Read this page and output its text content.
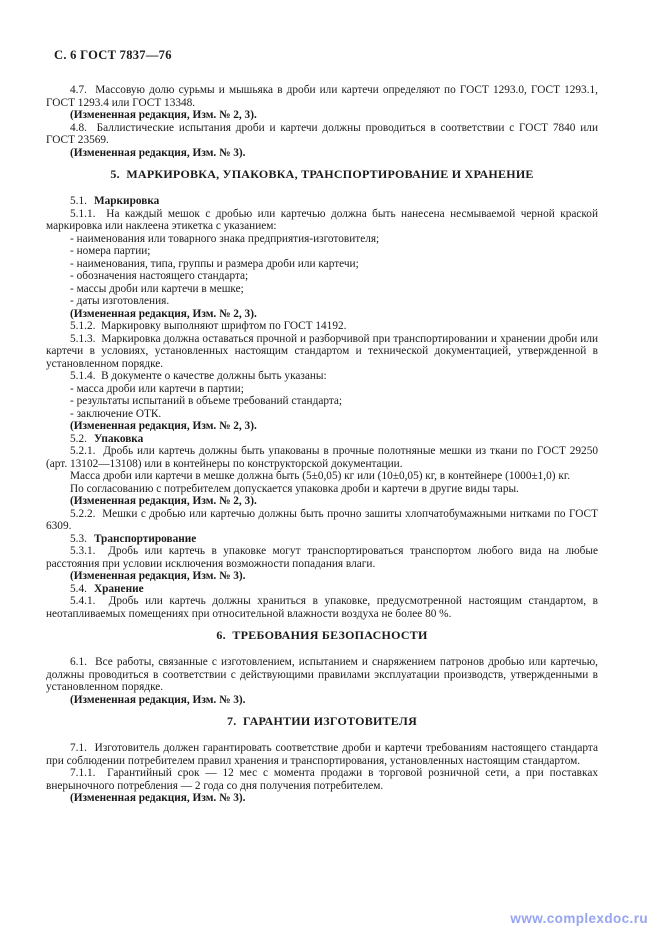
С. 6 ГОСТ 7837—76
4.7.  Массовую долю сурьмы и мышьяка в дроби или картечи определяют по ГОСТ 1293.0, ГОСТ 1293.1, ГОСТ 1293.4 или ГОСТ 13348.
(Измененная редакция, Изм. № 2, 3).
4.8.  Баллистические испытания дроби и картечи должны проводиться в соответствии с ГОСТ 7840 или ГОСТ 23569.
(Измененная редакция, Изм. № 3).
5.  МАРКИРОВКА, УПАКОВКА, ТРАНСПОРТИРОВАНИЕ И ХРАНЕНИЕ
5.1. Маркировка
5.1.1.  На каждый мешок с дробью или картечью должна быть нанесена несмываемой черной краской маркировка или наклеена этикетка с указанием:
- наименования или товарного знака предприятия-изготовителя;
- номера партии;
- наименования, типа, группы и размера дроби или картечи;
- обозначения настоящего стандарта;
- массы дроби или картечи в мешке;
- даты изготовления.
(Измененная редакция, Изм. № 2, 3).
5.1.2.  Маркировку выполняют шрифтом по ГОСТ 14192.
5.1.3.  Маркировка должна оставаться прочной и разборчивой при транспортировании и хранении дроби или картечи в условиях, установленных настоящим стандартом и технической документацией, утвержденной в установленном порядке.
5.1.4.  В документе о качестве должны быть указаны:
- масса дроби или картечи в партии;
- результаты испытаний в объеме требований стандарта;
- заключение ОТК.
(Измененная редакция, Изм. № 2, 3).
5.2. Упаковка
5.2.1.  Дробь или картечь должны быть упакованы в прочные полотняные мешки из ткани по ГОСТ 29250 (арт. 13102—13108) или в контейнеры по конструкторской документации.
Масса дроби или картечи в мешке должна быть (5±0,05) кг или (10±0,05) кг, в контейнере (1000±1,0) кг.
По согласованию с потребителем допускается упаковка дроби и картечи в другие виды тары.
(Измененная редакция, Изм. № 2, 3).
5.2.2.  Мешки с дробью или картечью должны быть прочно зашиты хлопчатобумажными нитками по ГОСТ 6309.
5.3. Транспортирование
5.3.1.  Дробь или картечь в упаковке могут транспортироваться транспортом любого вида на любые расстояния при условии исключения возможности попадания влаги.
(Измененная редакция, Изм. № 3).
5.4. Хранение
5.4.1.  Дробь или картечь должны храниться в упаковке, предусмотренной настоящим стандартом, в неотапливаемых помещениях при относительной влажности воздуха не более 80 %.
6.  ТРЕБОВАНИЯ БЕЗОПАСНОСТИ
6.1.  Все работы, связанные с изготовлением, испытанием и снаряжением патронов дробью или картечью, должны проводиться в соответствии с действующими правилами эксплуатации производств, утвержденными в установленном порядке.
(Измененная редакция, Изм. № 3).
7.  ГАРАНТИИ ИЗГОТОВИТЕЛЯ
7.1.  Изготовитель должен гарантировать соответствие дроби и картечи требованиям настоящего стандарта при соблюдении потребителем правил хранения и транспортирования, установленных настоящим стандартом.
7.1.1.  Гарантийный срок — 12 мес с момента продажи в торговой розничной сети, а при поставках внерыночного потребления — 2 года со дня получения потребителем.
(Измененная редакция, Изм. № 3).
www.complexdoc.ru
